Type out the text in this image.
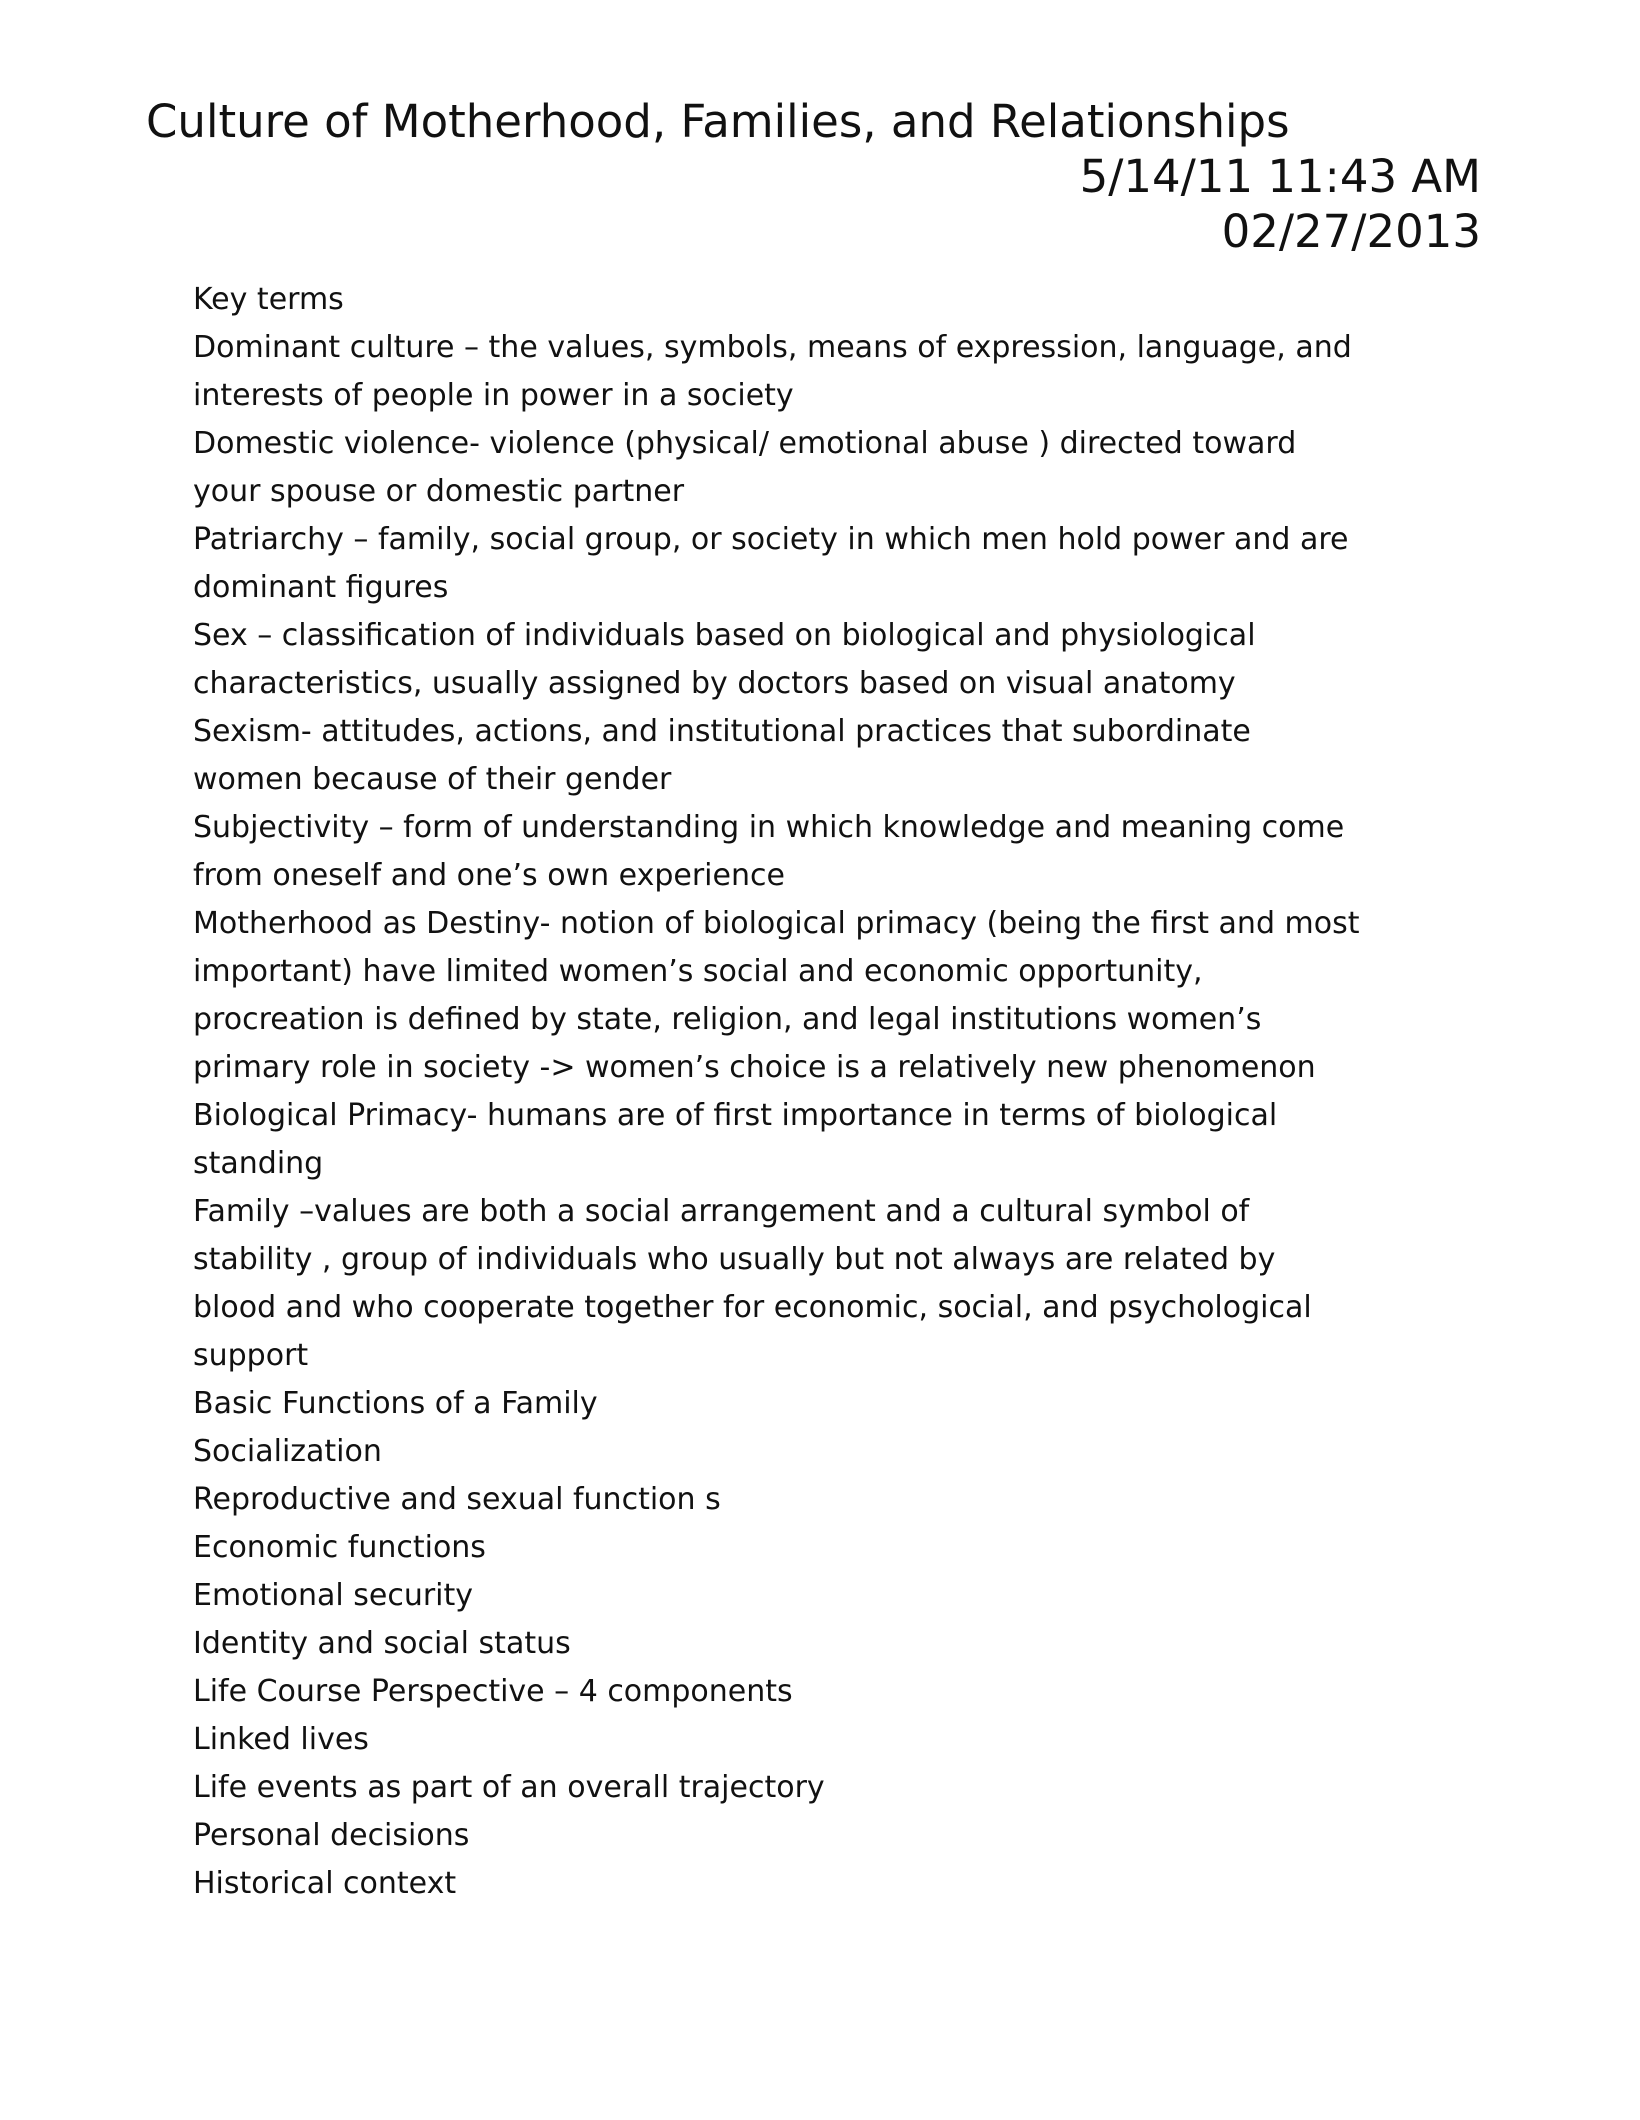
Culture of Motherhood, Families, and Relationships
5/14/11 11:43 AM
02/27/2013
Key terms
Dominant culture – the values, symbols, means of expression, language, and
interests of people in power in a society
Domestic violence- violence (physical/ emotional abuse ) directed toward
your spouse or domestic partner
Patriarchy – family, social group, or society in which men hold power and are
dominant figures
Sex – classification of individuals based on biological and physiological
characteristics, usually assigned by doctors based on visual anatomy
Sexism- attitudes, actions, and institutional practices that subordinate
women because of their gender
Subjectivity – form of understanding in which knowledge and meaning come
from oneself and one’s own experience
Motherhood as Destiny- notion of biological primacy (being the first and most
important) have limited women’s social and economic opportunity,
procreation is defined by state, religion, and legal institutions women’s
primary role in society -> women’s choice is a relatively new phenomenon
Biological Primacy- humans are of first importance in terms of biological
standing
Family –values are both a social arrangement and a cultural symbol of
stability , group of individuals who usually but not always are related by
blood and who cooperate together for economic, social, and psychological
support
Basic Functions of a Family
Socialization
Reproductive and sexual function s
Economic functions
Emotional security
Identity and social status
Life Course Perspective – 4 components
Linked lives
Life events as part of an overall trajectory
Personal decisions
Historical context
